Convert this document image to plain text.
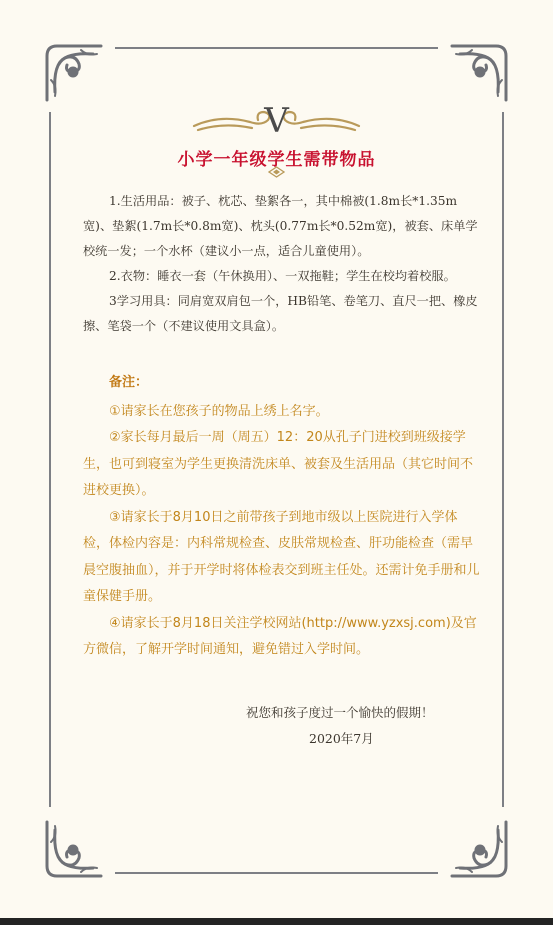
V
小学一年级学生需带物品

1.生活用品：被子、枕芯、垫絮各一，其中棉被(1.8m长*1.35m宽)、垫絮(1.7m长*0.8m宽)、枕头(0.77m长*0.52m宽)，被套、床单学校统一发；一个水杯（建议小一点，适合儿童使用）。

2.衣物：睡衣一套（午休换用）、一双拖鞋；学生在校均着校服。

3学习用具：同肩宽双肩包一个，HB铅笔、卷笔刀、直尺一把、橡皮擦、笔袋一个（不建议使用文具盒）。

备注：

①请家长在您孩子的物品上绣上名字。

②家长每月最后一周（周五）12：20从孔子门进校到班级接学生，也可到寝室为学生更换清洗床单、被套及生活用品（其它时间不进校更换）。

③请家长于8月10日之前带孩子到地市级以上医院进行入学体检，体检内容是：内科常规检查、皮肤常规检查、肝功能检查（需早晨空腹抽血），并于开学时将体检表交到班主任处。还需计免手册和儿童保健手册。

④请家长于8月18日关注学校网站(http://www.yzxsj.com)及官方微信，了解开学时间通知，避免错过入学时间。

祝您和孩子度过一个愉快的假期！
2020年7月
